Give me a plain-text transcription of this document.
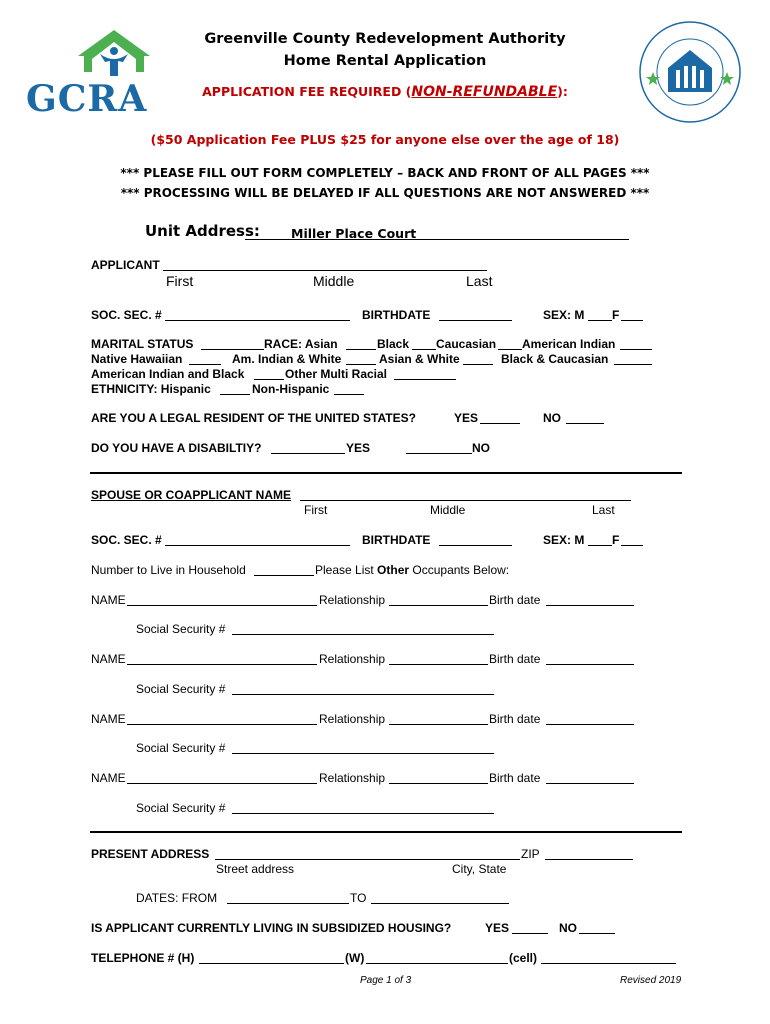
GCRA
Greenville County Redevelopment Authority
Home Rental Application
APPLICATION FEE REQUIRED (NON-REFUNDABLE):
($50 Application Fee PLUS $25 for anyone else over the age of 18)
*** PLEASE FILL OUT FORM COMPLETELY – BACK AND FRONT OF ALL PAGES ***
*** PROCESSING WILL BE DELAYED IF ALL QUESTIONS ARE NOT ANSWERED ***
Unit Address: Miller Place Court
APPLICANT
First	Middle	Last
SOC. SEC. #	BIRTHDATE	SEX: M F
MARITAL STATUS	RACE: Asian	Black Caucasian American Indian
Native Hawaiian	Am. Indian & White	Asian & White	Black & Caucasian
American Indian and Black	Other Multi Racial
ETHNICITY: Hispanic	Non-Hispanic
ARE YOU A LEGAL RESIDENT OF THE UNITED STATES?	YES	NO
DO YOU HAVE A DISABILTIY?	YES	NO
SPOUSE OR COAPPLICANT NAME
First	Middle	Last
SOC. SEC. #	BIRTHDATE	SEX: M F
Number to Live in Household	Please List Other Occupants Below:
NAME	Relationship	Birth date
Social Security #
NAME	Relationship	Birth date
Social Security #
NAME	Relationship	Birth date
Social Security #
NAME	Relationship	Birth date
Social Security #
PRESENT ADDRESS	ZIP
Street address	City, State
DATES: FROM	TO
IS APPLICANT CURRENTLY LIVING IN SUBSIDIZED HOUSING?	YES	NO
TELEPHONE # (H)	(W)	(cell)
Page 1 of 3	Revised 2019
